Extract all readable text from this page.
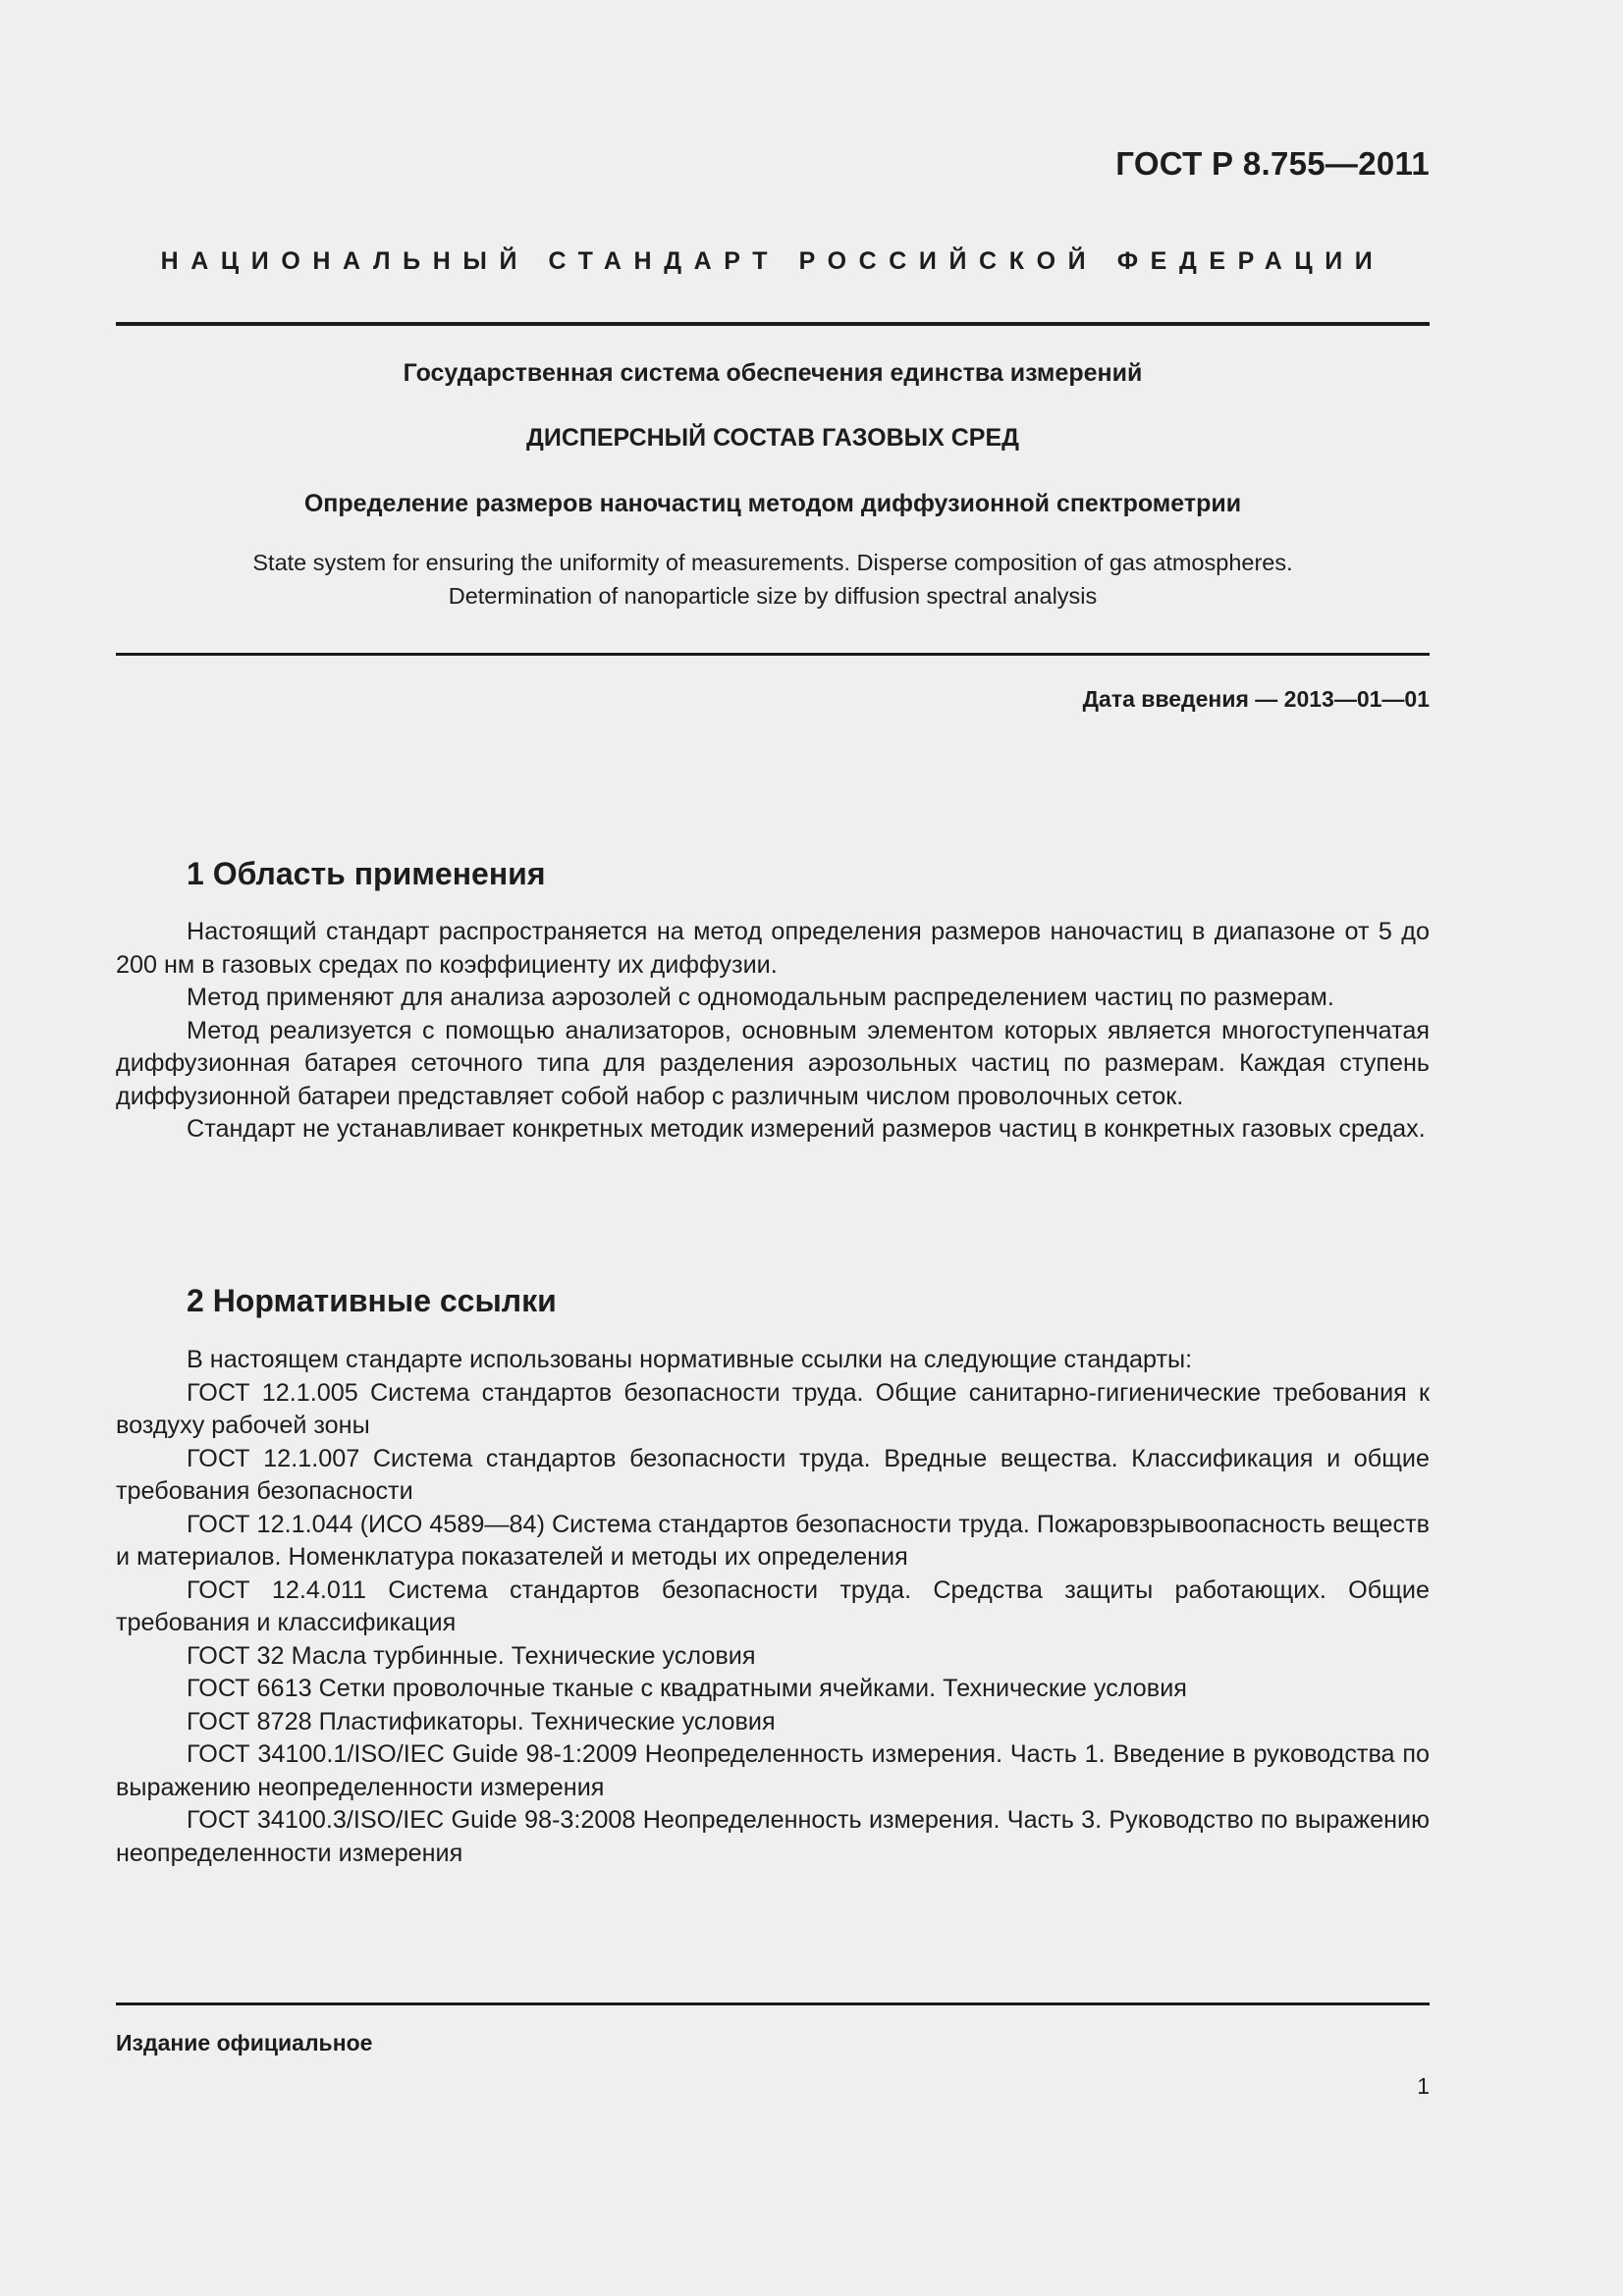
ГОСТ Р 8.755—2011
НАЦИОНАЛЬНЫЙ СТАНДАРТ РОССИЙСКОЙ ФЕДЕРАЦИИ
Государственная система обеспечения единства измерений
ДИСПЕРСНЫЙ СОСТАВ ГАЗОВЫХ СРЕД
Определение размеров наночастиц методом диффузионной спектрометрии
State system for ensuring the uniformity of measurements. Disperse composition of gas atmospheres.
Determination of nanoparticle size by diffusion spectral analysis
Дата введения — 2013—01—01
1 Область применения

Настоящий стандарт распространяется на метод определения размеров наночастиц в диапазоне от 5 до 200 нм в газовых средах по коэффициенту их диффузии.

Метод применяют для анализа аэрозолей с одномодальным распределением частиц по размерам.

Метод реализуется с помощью анализаторов, основным элементом которых является многоступенчатая диффузионная батарея сеточного типа для разделения аэрозольных частиц по размерам. Каждая ступень диффузионной батареи представляет собой набор с различным числом проволочных сеток.

Стандарт не устанавливает конкретных методик измерений размеров частиц в конкретных газовых средах.

2 Нормативные ссылки

В настоящем стандарте использованы нормативные ссылки на следующие стандарты:

ГОСТ 12.1.005 Система стандартов безопасности труда. Общие санитарно-гигиенические требования к воздуху рабочей зоны

ГОСТ 12.1.007 Система стандартов безопасности труда. Вредные вещества. Классификация и общие требования безопасности

ГОСТ 12.1.044 (ИСО 4589—84) Система стандартов безопасности труда. Пожаровзрывоопасность веществ и материалов. Номенклатура показателей и методы их определения

ГОСТ 12.4.011 Система стандартов безопасности труда. Средства защиты работающих. Общие требования и классификация

ГОСТ 32 Масла турбинные. Технические условия

ГОСТ 6613 Сетки проволочные тканые с квадратными ячейками. Технические условия

ГОСТ 8728 Пластификаторы. Технические условия

ГОСТ 34100.1/ISO/IEC Guide 98-1:2009 Неопределенность измерения. Часть 1. Введение в руководства по выражению неопределенности измерения

ГОСТ 34100.3/ISO/IEC Guide 98-3:2008 Неопределенность измерения. Часть 3. Руководство по выражению неопределенности измерения

Издание официальное
1
